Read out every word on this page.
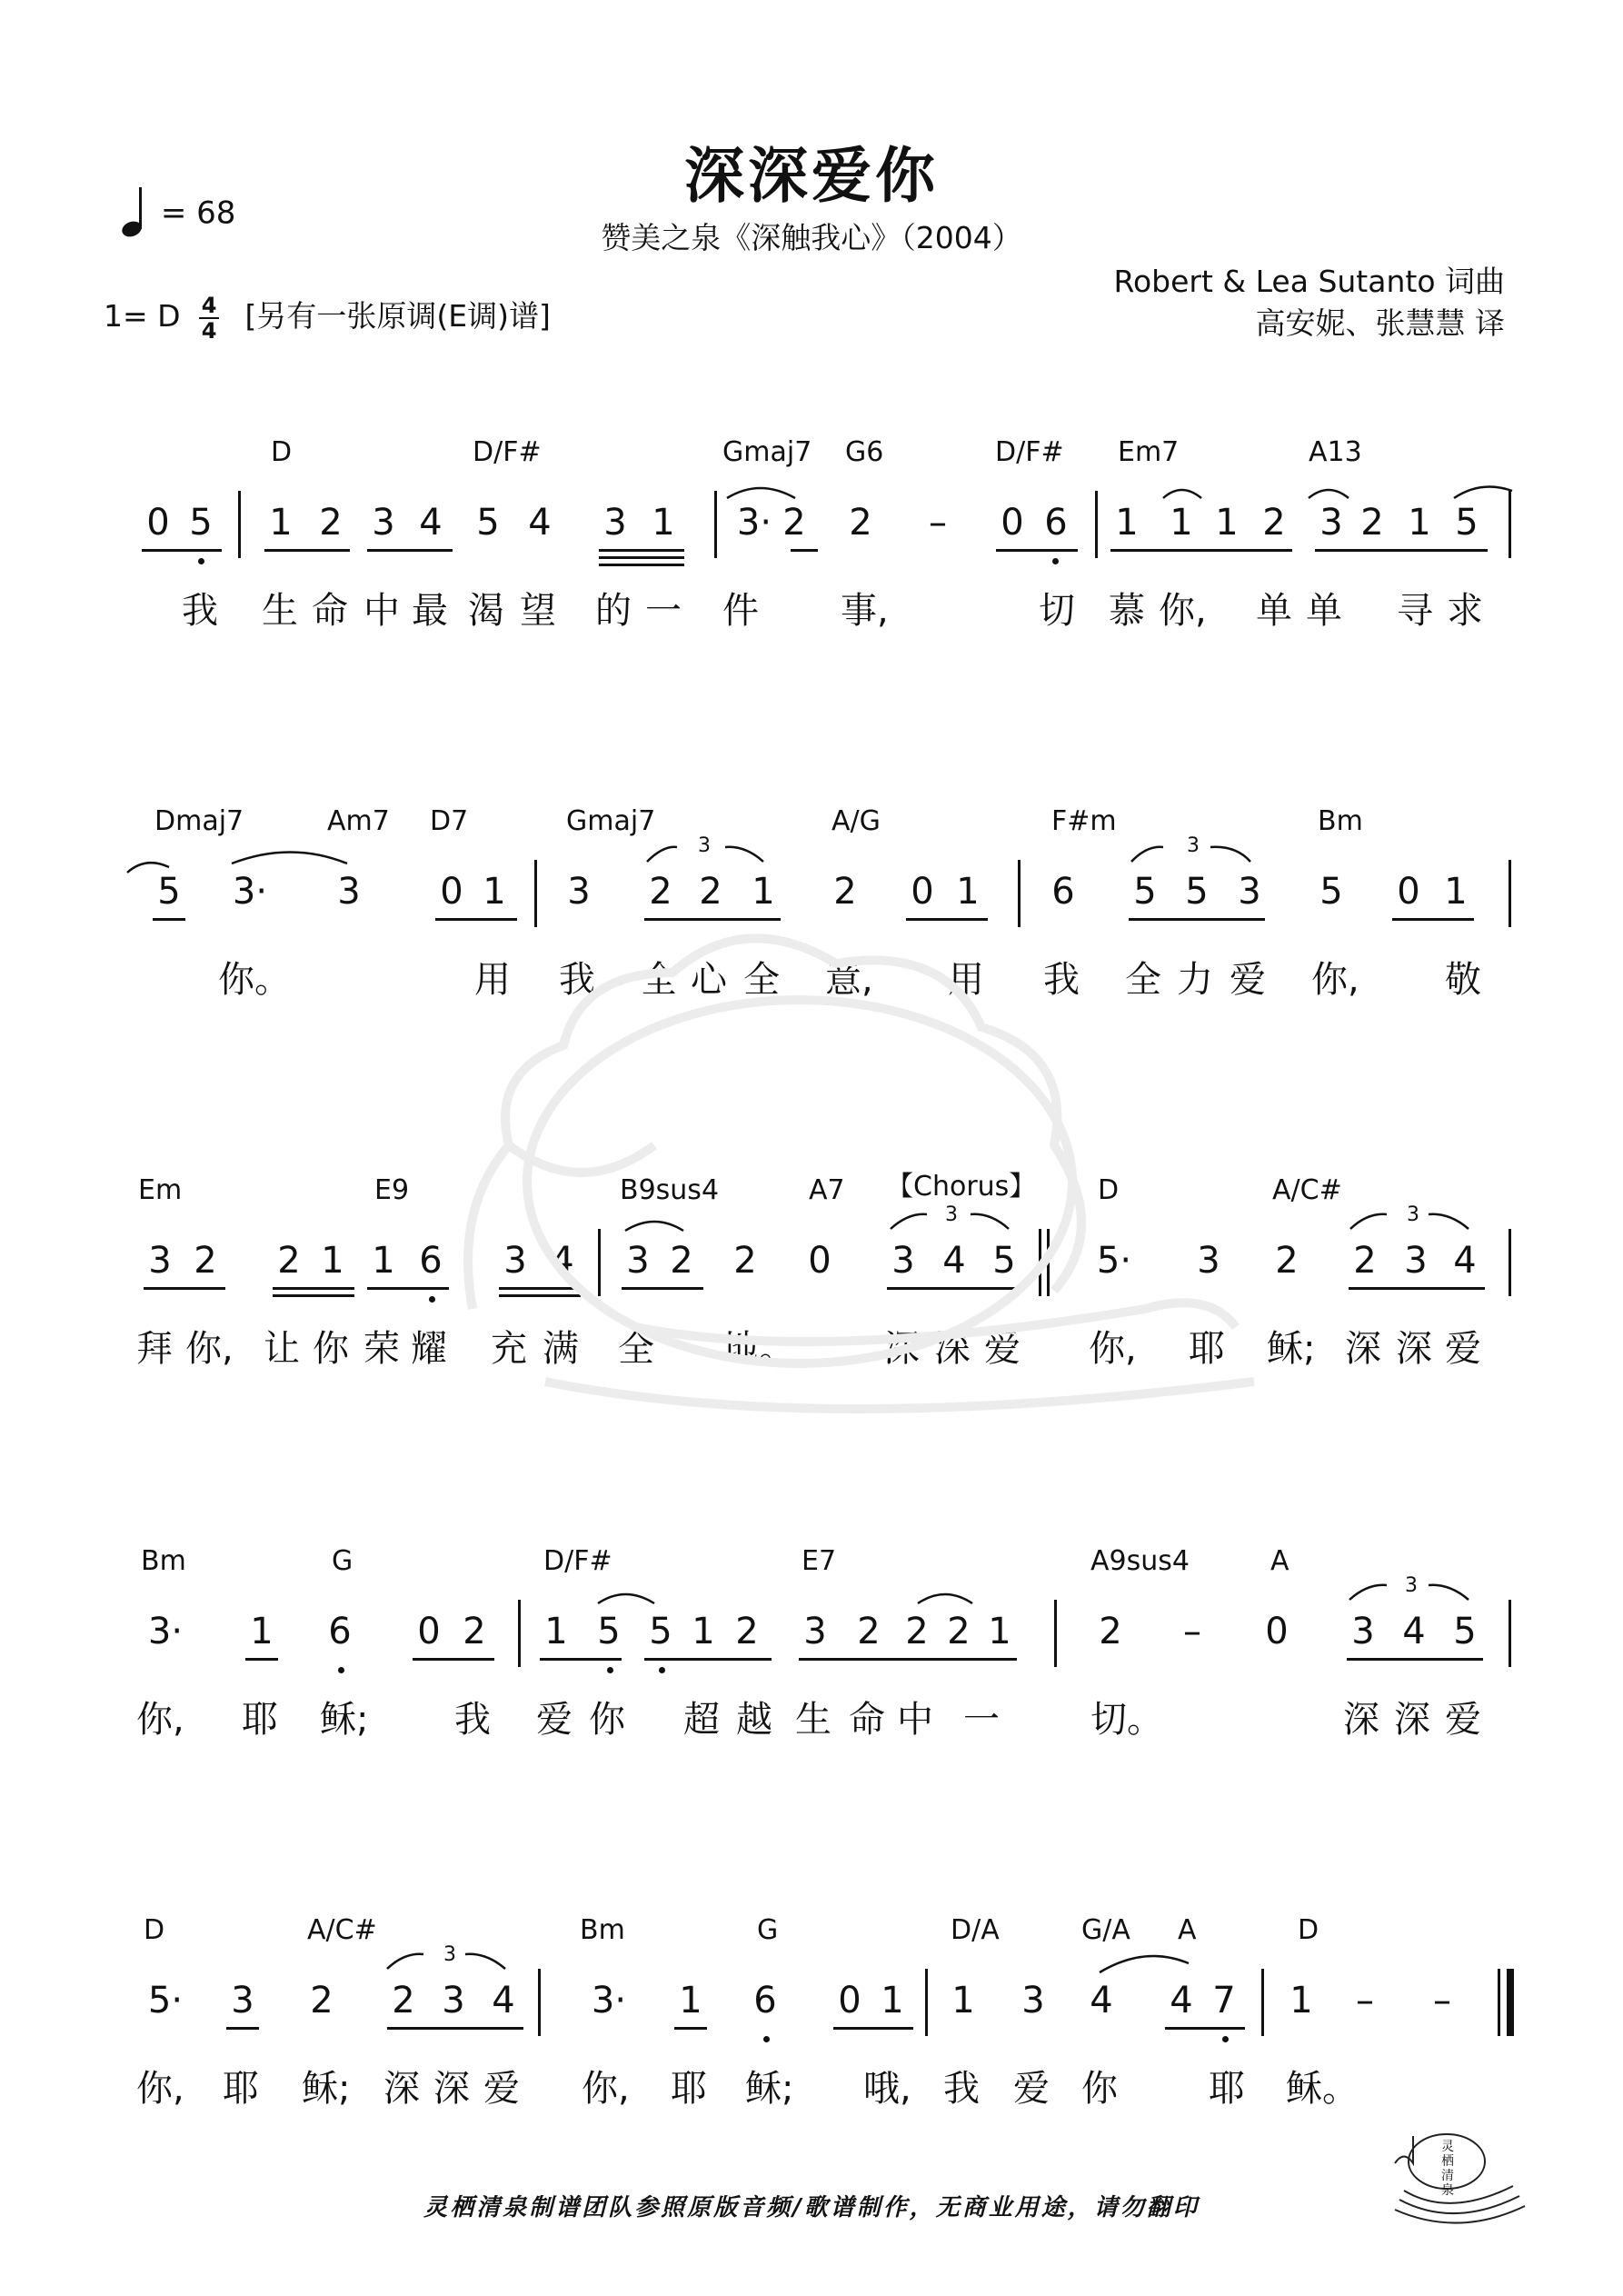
深深爱你
赞美之泉《深触我心》（2004）
= 68
1= D $\frac{4}{4}$ [另有一张原调(E调)谱]
Robert & Lea Sutanto 词曲
高安妮、张慧慧 译
D	D/F#	Gmaj7 G6	D/F# Em7	A13
0 5 1 2 3 4 5 4 3 1 3· 2 2	–	0 6 1 1 1 2 3 2 1 5
我 生 命 中 最 渴 望 的 一 件 事,	切 慕 你, 单 单 寻 求
Dmaj7	Am7 D7	Gmaj7	A/G	F#m	Bm
5 3· 3 0 1 3 2 2 1 2 0 1 6 5 5 3 5 0 1
3	3
你。	用 我 全 心 全 意, 用 我 全 力 爱 你, 敬
Em	E9	B9sus4	A7 【Chorus】 D	A/C#
3 2 2 1 1 6 3 4 3 2 2 0 3 4 5 5· 3 2 2 3 4
3	3
拜 你, 让 你 荣 耀 充 满 全 地。 深 深 爱 你, 耶 稣; 深 深 爱
Bm	G	D/F#	E7	A9sus4	A
3· 1 6 0 2 1 5 5 1 2 3 2 2 2 1 2	–	0 3 4 5
3
你, 耶 稣; 我 爱 你 超 越 生 命 中 一	切。	深 深 爱
D	A/C#	Bm	G	D/A	G/A A	D
5· 3 2 2 3 4 3· 1 6 0 1 1 3 4 4 7 1	–	–
3
你, 耶 稣; 深 深 爱 你, 耶 稣; 哦, 我 爱 你	耶 稣。
灵栖清泉
灵栖清泉制谱团队参照原版音频/歌谱制作，无商业用途，请勿翻印
